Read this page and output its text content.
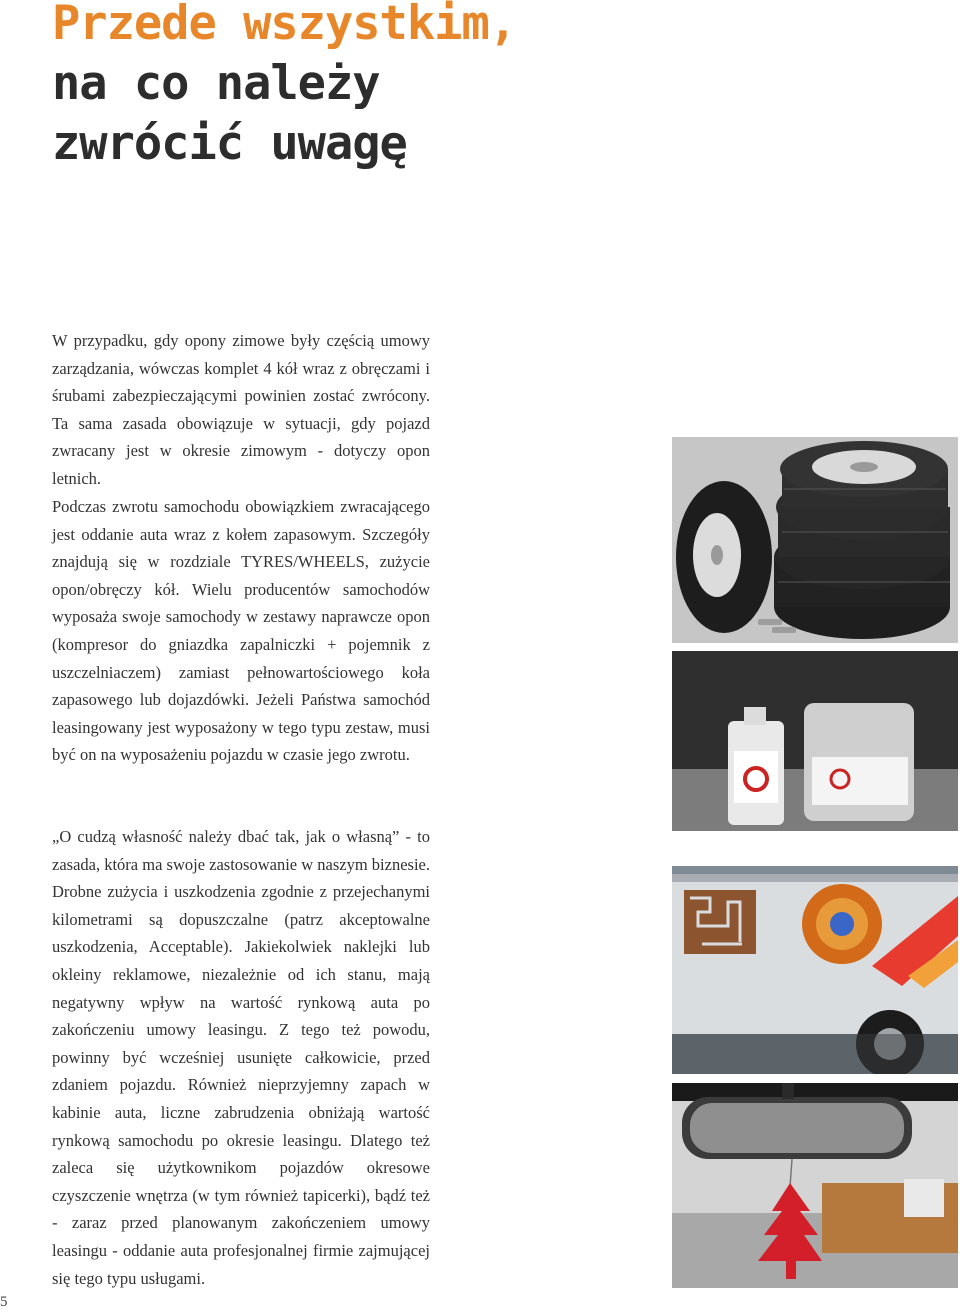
Przede wszystkim,
na co należy
zwrócić uwagę

W przypadku, gdy opony zimowe były częścią umowy zarządzania, wówczas komplet 4 kół wraz z obręczami i śrubami zabezpieczającymi powinien zostać zwrócony. Ta sama zasada obowiązuje w sytuacji, gdy pojazd zwracany jest w okresie zimowym - dotyczy opon letnich.

Podczas zwrotu samochodu obowiązkiem zwracającego jest oddanie auta wraz z kołem zapasowym. Szczegóły znajdują się w rozdziale TYRES/WHEELS, zużycie opon/obręczy kół. Wielu producentów samochodów wyposaża swoje samochody w zestawy naprawcze opon (kompresor do gniazdka zapalniczki + pojemnik z uszczelniaczem) zamiast pełnowartościowego koła zapasowego lub dojazdówki. Jeżeli Państwa samochód leasingowany jest wyposażony w tego typu zestaw, musi być on na wyposażeniu pojazdu w czasie jego zwrotu.

„O cudzą własność należy dbać tak, jak o własną” - to zasada, która ma swoje zastosowanie w naszym biznesie. Drobne zużycia i uszkodzenia zgodnie z przejechanymi kilometrami są dopuszczalne (patrz akceptowalne uszkodzenia, Acceptable). Jakiekolwiek naklejki lub okleiny reklamowe, niezależnie od ich stanu, mają negatywny wpływ na wartość rynkową auta po zakończeniu umowy leasingu. Z tego też powodu, powinny być wcześniej usunięte całkowicie, przed zdaniem pojazdu. Również nieprzyjemny zapach w kabinie auta, liczne zabrudzenia obniżają wartość rynkową samochodu po okresie leasingu. Dlatego też zaleca się użytkownikom pojazdów okresowe czyszczenie wnętrza (w tym również tapicerki), bądź też - zaraz przed planowanym zakończeniem umowy leasingu - oddanie auta profesjonalnej firmie zajmującej się tego typu usługami.

5
